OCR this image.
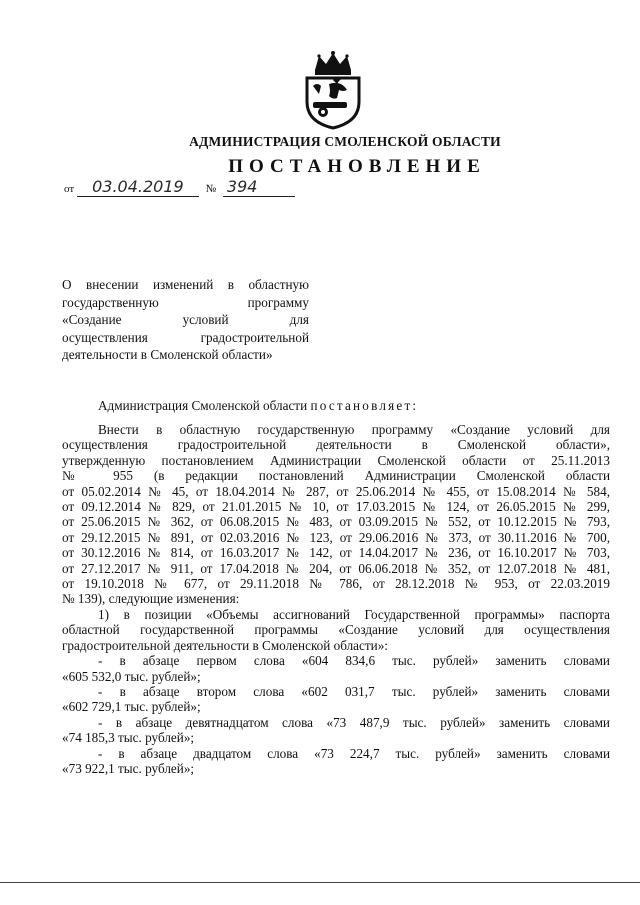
АДМИНИСТРАЦИЯ СМОЛЕНСКОЙ ОБЛАСТИ
ПОСТАНОВЛЕНИЕ
от 03.04.2019 № 394
О внесении изменений в областную
государственную программу
«Создание условий для
осуществления градостроительной
деятельности в Смоленской области»
Администрация Смоленской области постановляет:
Внести в областную государственную программу «Создание условий для
осуществления градостроительной деятельности в Смоленской области»,
утвержденную постановлением Администрации Смоленской области от 25.11.2013
№ 955 (в редакции постановлений Администрации Смоленской области
от 05.02.2014 № 45, от 18.04.2014 № 287, от 25.06.2014 № 455, от 15.08.2014 № 584,
от 09.12.2014 № 829, от 21.01.2015 № 10, от 17.03.2015 № 124, от 26.05.2015 № 299,
от 25.06.2015 № 362, от 06.08.2015 № 483, от 03.09.2015 № 552, от 10.12.2015 № 793,
от 29.12.2015 № 891, от 02.03.2016 № 123, от 29.06.2016 № 373, от 30.11.2016 № 700,
от 30.12.2016 № 814, от 16.03.2017 № 142, от 14.04.2017 № 236, от 16.10.2017 № 703,
от 27.12.2017 № 911, от 17.04.2018 № 204, от 06.06.2018 № 352, от 12.07.2018 № 481,
от 19.10.2018 № 677, от 29.11.2018 № 786, от 28.12.2018 № 953, от 22.03.2019
№ 139), следующие изменения:
1) в позиции «Объемы ассигнований Государственной программы» паспорта
областной государственной программы «Создание условий для осуществления
градостроительной деятельности в Смоленской области»:
- в абзаце первом слова «604 834,6 тыс. рублей» заменить словами
«605 532,0 тыс. рублей»;
- в абзаце втором слова «602 031,7 тыс. рублей» заменить словами
«602 729,1 тыс. рублей»;
- в абзаце девятнадцатом слова «73 487,9 тыс. рублей» заменить словами
«74 185,3 тыс. рублей»;
- в абзаце двадцатом слова «73 224,7 тыс. рублей» заменить словами
«73 922,1 тыс. рублей»;
